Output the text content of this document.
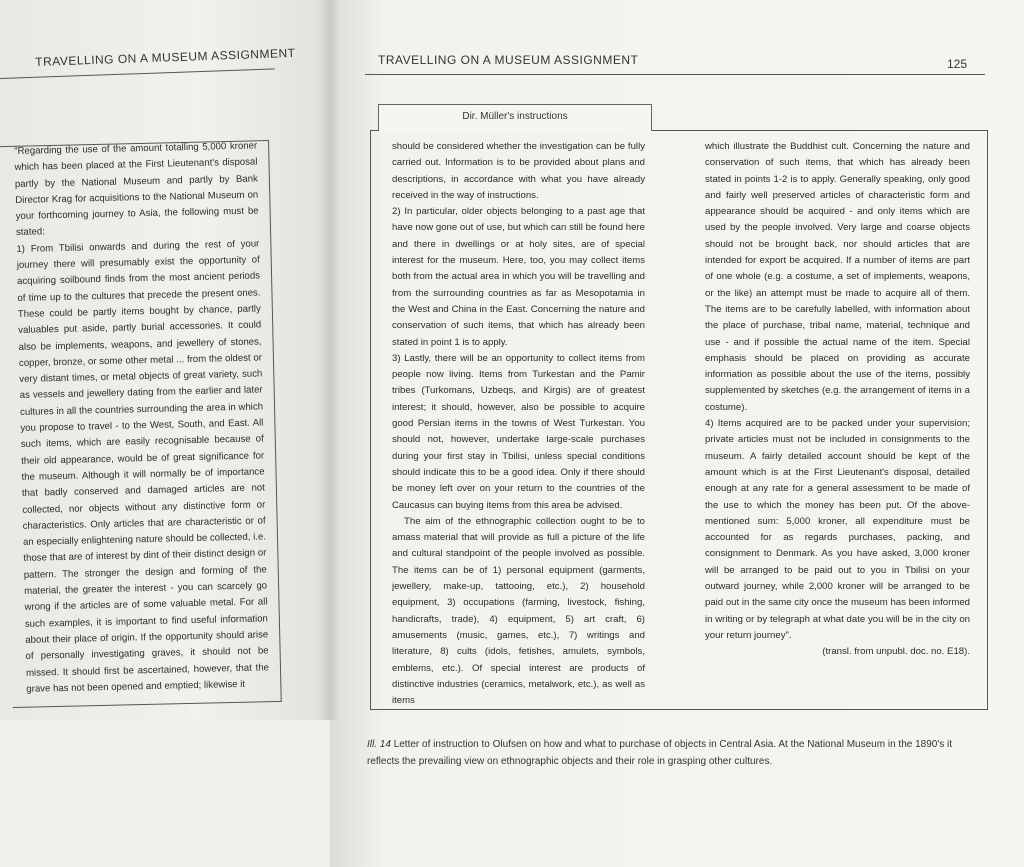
TRAVELLING ON A MUSEUM ASSIGNMENT	TRAVELLING ON A MUSEUM ASSIGNMENT	125
Dir. Müller's instructions

"Regarding the use of the amount totalling 5,000 kroner which has been placed at the First Lieutenant's disposal partly by the National Museum and partly by Bank Director Krag for acquisitions to the National Museum on your forthcoming journey to Asia, the following must be stated:

1) From Tbilisi onwards and during the rest of your journey there will presumably exist the opportunity of acquiring soilbound finds from the most ancient periods of time up to the cultures that precede the present ones. These could be partly items bought by chance, partly valuables put aside, partly burial accessories. It could also be implements, weapons, and jewellery of stones, copper, bronze, or some other metal ... from the oldest or very distant times, or metal objects of great variety, such as vessels and jewellery dating from the earlier and later cultures in all the countries surrounding the area in which you propose to travel - to the West, South, and East. All such items, which are easily recognisable because of their old appearance, would be of great significance for the museum. Although it will normally be of importance that badly conserved and damaged articles are not collected, nor objects without any distinctive form or characteristics. Only articles that are characteristic or of an especially enlightening nature should be collected, i.e. those that are of interest by dint of their distinct design or pattern. The stronger the design and forming of the material, the greater the interest - you can scarcely go wrong if the articles are of some valuable metal. For all such examples, it is important to find useful information about their place of origin. If the opportunity should arise of personally investigating graves, it should not be missed. It should first be ascertained, however, that the grave has not been opened and emptied; likewise it

should be considered whether the investigation can be fully carried out. Information is to be provided about plans and descriptions, in accordance with what you have already received in the way of instructions.

2) In particular, older objects belonging to a past age that have now gone out of use, but which can still be found here and there in dwellings or at holy sites, are of special interest for the museum. Here, too, you may collect items both from the actual area in which you will be travelling and from the surrounding countries as far as Mesopotamia in the West and China in the East. Concerning the nature and conservation of such items, that which has already been stated in point 1 is to apply.

3) Lastly, there will be an opportunity to collect items from people now living. Items from Turkestan and the Pamir tribes (Turkomans, Uzbeqs, and Kirgis) are of greatest interest; it should, however, also be possible to acquire good Persian items in the towns of West Turkestan. You should not, however, undertake large-scale purchases during your first stay in Tbilisi, unless special conditions should indicate this to be a good idea. Only if there should be money left over on your return to the countries of the Caucasus can buying items from this area be advised.

The aim of the ethnographic collection ought to be to amass material that will provide as full a picture of the life and cultural standpoint of the people involved as possible. The items can be of 1) personal equipment (garments, jewellery, make-up, tattooing, etc.), 2) household equipment, 3) occupations (farming, livestock, fishing, handicrafts, trade), 4) equipment, 5) art craft, 6) amusements (music, games, etc.), 7) writings and literature, 8) cults (idols, fetishes, amulets, symbols, emblems, etc.). Of special interest are products of distinctive industries (ceramics, metalwork, etc.), as well as items

which illustrate the Buddhist cult. Concerning the nature and conservation of such items, that which has already been stated in points 1-2 is to apply. Generally speaking, only good and fairly well preserved articles of characteristic form and appearance should be acquired - and only items which are used by the people involved. Very large and coarse objects should not be brought back, nor should articles that are intended for export be acquired. If a number of items are part of one whole (e.g. a costume, a set of implements, weapons, or the like) an attempt must be made to acquire all of them. The items are to be carefully labelled, with information about the place of purchase, tribal name, material, technique and use - and if possible the actual name of the item. Special emphasis should be placed on providing as accurate information as possible about the use of the items, possibly supplemented by sketches (e.g. the arrangement of items in a costume).

4) Items acquired are to be packed under your supervision; private articles must not be included in consignments to the museum. A fairly detailed account should be kept of the amount which is at the First Lieutenant's disposal, detailed enough at any rate for a general assessment to be made of the use to which the money has been put. Of the above-mentioned sum: 5,000 kroner, all expenditure must be accounted for as regards purchases, packing, and consignment to Denmark. As you have asked, 3,000 kroner will be arranged to be paid out to you in Tbilisi on your outward journey, while 2,000 kroner will be arranged to be paid out in the same city once the museum has been informed in writing or by telegraph at what date you will be in the city on your return journey".

(transl. from unpubl. doc. no. E18).

Ill. 14 Letter of instruction to Olufsen on how and what to purchase of objects in Central Asia. At the National Museum in the 1890's it reflects the prevailing view on ethnographic objects and their role in grasping other cultures.
